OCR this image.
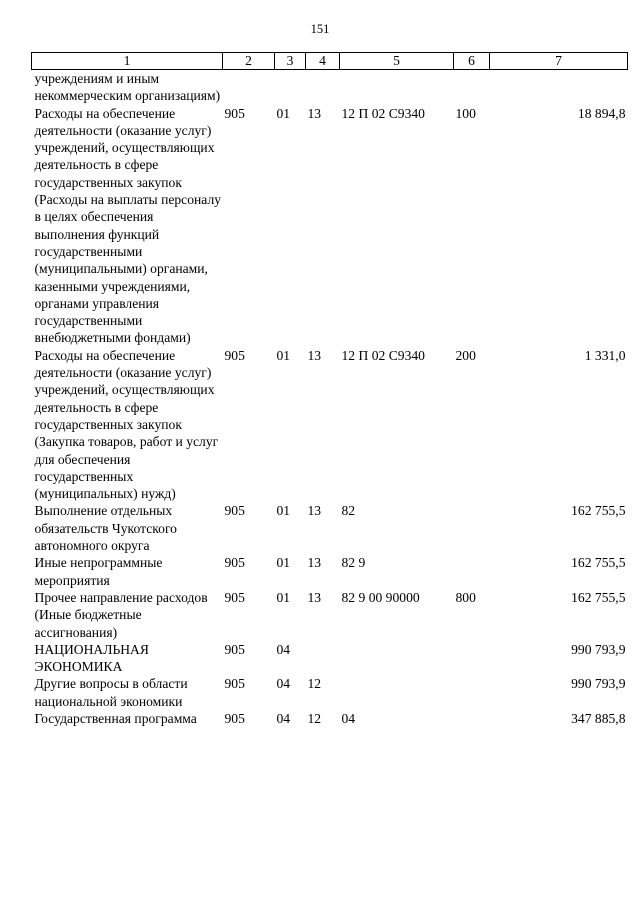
151
1	2	3	4	5	6	7
учреждениям и иным некоммерческим организациям)						
Расходы на обеспечение деятельности (оказание услуг) учреждений, осуществляющих деятельность в сфере государственных закупок (Расходы на выплаты персоналу в целях обеспечения выполнения функций государственными (муниципальными) органами, казенными учреждениями, органами управления государственными внебюджетными фондами)	905	01	13	12 П 02 С9340	100	18 894,8
Расходы на обеспечение деятельности (оказание услуг) учреждений, осуществляющих деятельность в сфере государственных закупок (Закупка товаров, работ и услуг для обеспечения государственных (муниципальных) нужд)	905	01	13	12 П 02 С9340	200	1 331,0
Выполнение отдельных обязательств Чукотского автономного округа	905	01	13	82		162 755,5
Иные непрограммные мероприятия	905	01	13	82 9		162 755,5
Прочее направление расходов (Иные бюджетные ассигнования)	905	01	13	82 9 00 90000	800	162 755,5
НАЦИОНАЛЬНАЯ ЭКОНОМИКА	905	04				990 793,9
Другие вопросы в области национальной экономики	905	04	12			990 793,9
Государственная программа	905	04	12	04		347 885,8
